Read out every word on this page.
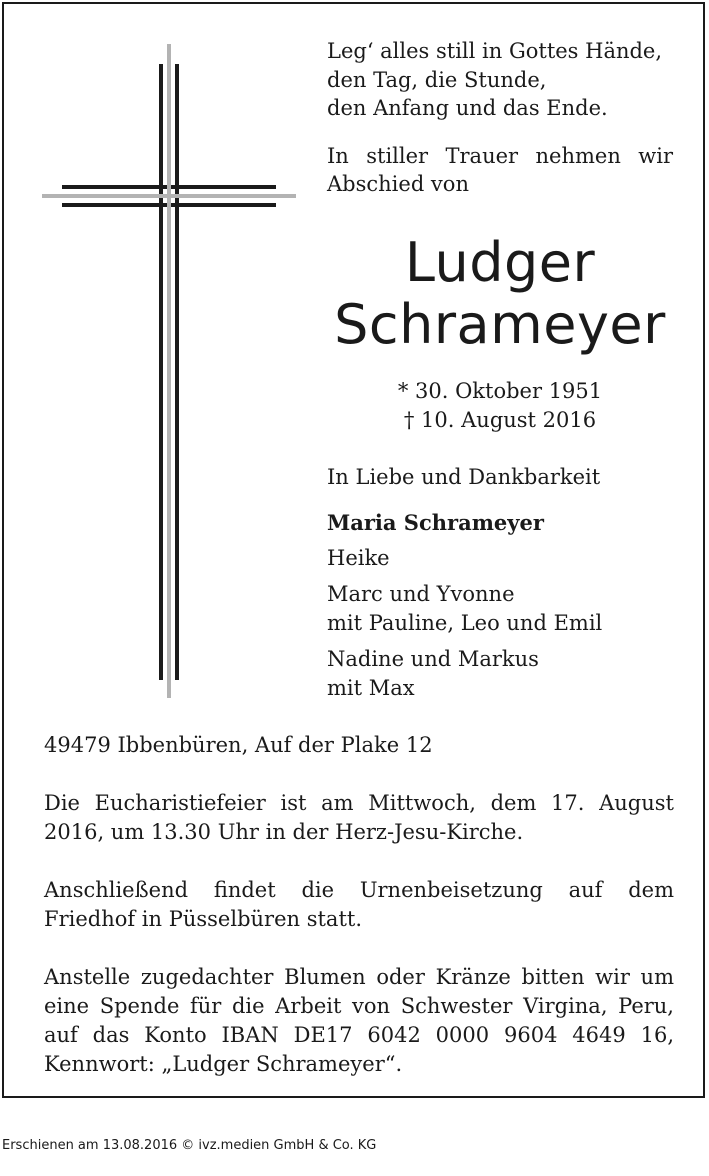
Leg‘ alles still in Gottes Hände,
den Tag, die Stunde,
den Anfang und das Ende.

In stiller Trauer nehmen wir Abschied von

Ludger
Schrameyer
* 30. Oktober 1951
† 10. August 2016
In Liebe und Dankbarkeit
Maria Schrameyer
Heike
Marc und Yvonne
mit Pauline, Leo und Emil
Nadine und Markus
mit Max

49479 Ibbenbüren, Auf der Plake 12

Die Eucharistiefeier ist am Mittwoch, dem 17. August 2016, um 13.30 Uhr in der Herz-Jesu-Kirche.

Anschließend findet die Urnenbeisetzung auf dem Friedhof in Püsselbüren statt.

Anstelle zugedachter Blumen oder Kränze bitten wir um eine Spende für die Arbeit von Schwester Virgina, Peru, auf das Konto IBAN DE17 6042 0000 9604 4649 16, Kennwort: „Ludger Schrameyer“.

Erschienen am 13.08.2016 © ivz.medien GmbH & Co. KG
